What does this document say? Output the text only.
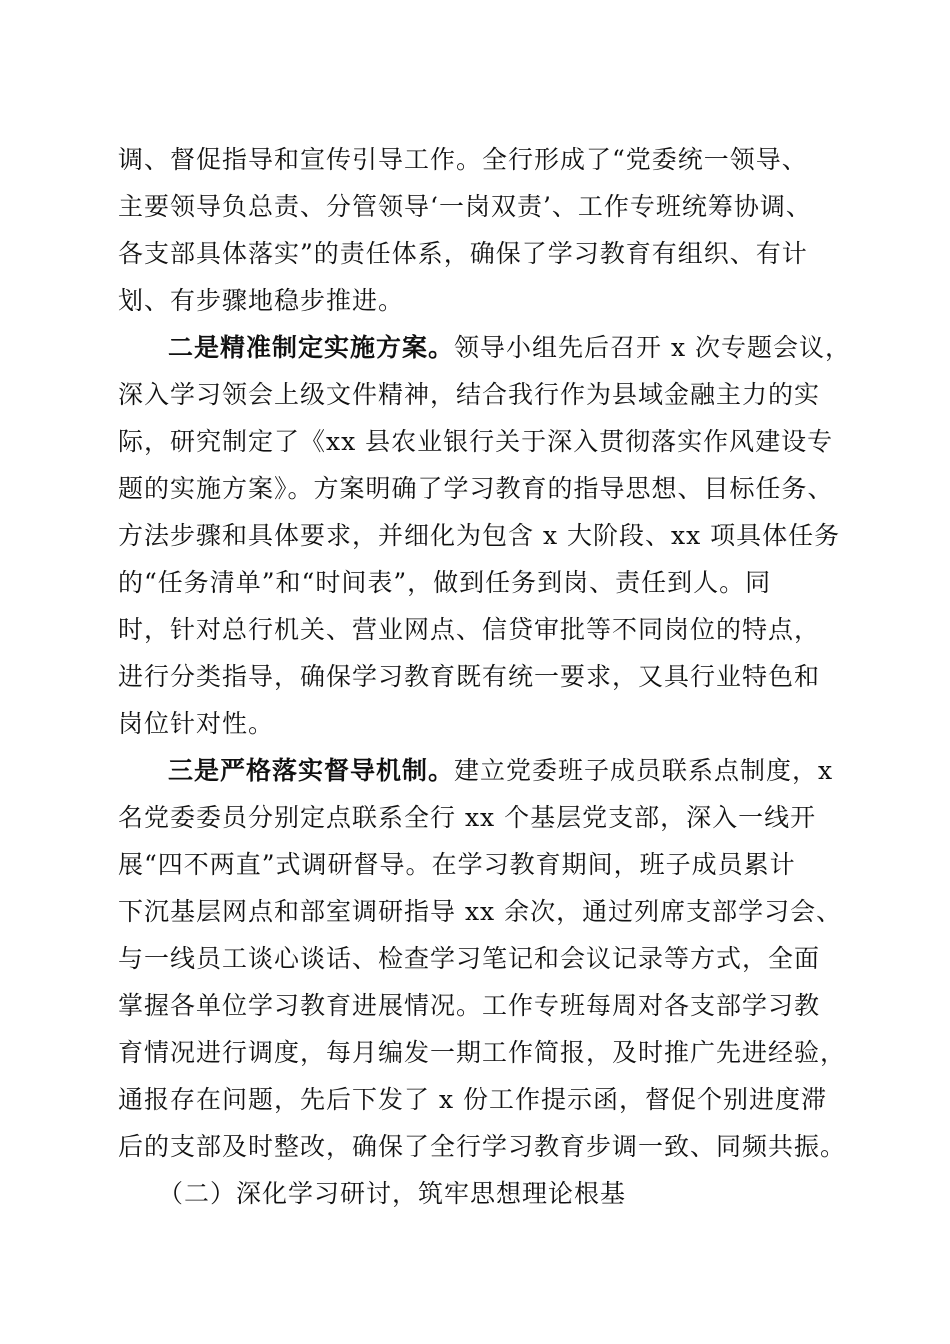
调、督促指导和宣传引导工作。全行形成了“党委统一领导、
主要领导负总责、分管领导‘一岗双责’、工作专班统筹协调、
各支部具体落实”的责任体系，确保了学习教育有组织、有计
划、有步骤地稳步推进。
二是精准制定实施方案。领导小组先后召开 x 次专题会议，
深入学习领会上级文件精神，结合我行作为县域金融主力的实
际，研究制定了《xx 县农业银行关于深入贯彻落实作风建设专
题的实施方案》。方案明确了学习教育的指导思想、目标任务、
方法步骤和具体要求，并细化为包含 x 大阶段、xx 项具体任务
的“任务清单”和“时间表”，做到任务到岗、责任到人。同
时，针对总行机关、营业网点、信贷审批等不同岗位的特点，
进行分类指导，确保学习教育既有统一要求，又具行业特色和
岗位针对性。
三是严格落实督导机制。建立党委班子成员联系点制度，x
名党委委员分别定点联系全行 xx 个基层党支部，深入一线开
展“四不两直”式调研督导。在学习教育期间，班子成员累计
下沉基层网点和部室调研指导 xx 余次，通过列席支部学习会、
与一线员工谈心谈话、检查学习笔记和会议记录等方式，全面
掌握各单位学习教育进展情况。工作专班每周对各支部学习教
育情况进行调度，每月编发一期工作简报，及时推广先进经验，
通报存在问题，先后下发了 x 份工作提示函，督促个别进度滞
后的支部及时整改，确保了全行学习教育步调一致、同频共振。
（二）深化学习研讨，筑牢思想理论根基
